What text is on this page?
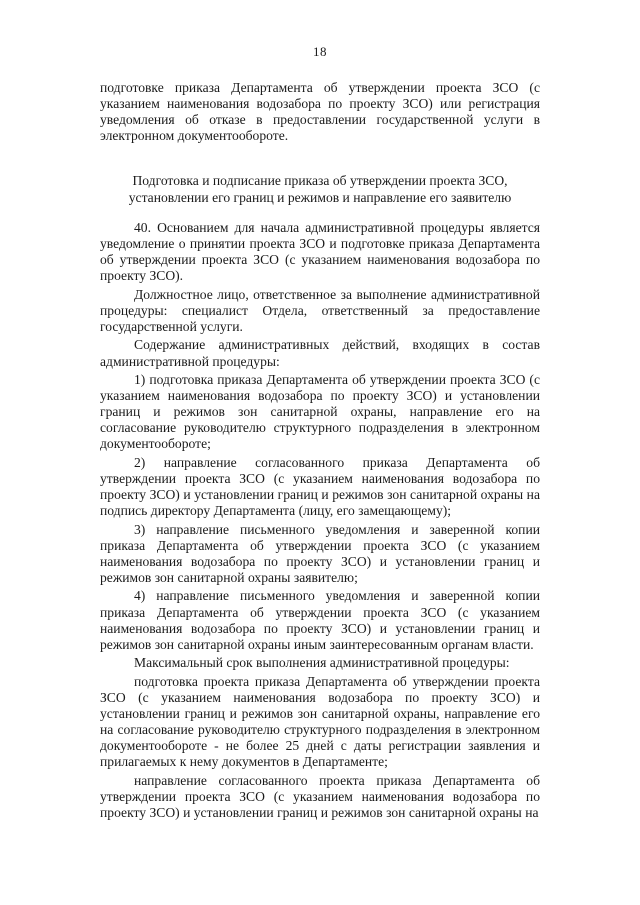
18
подготовке приказа Департамента об утверждении проекта ЗСО (с указанием наименования водозабора по проекту ЗСО) или регистрация уведомления об отказе в предоставлении государственной услуги в электронном документообороте.
Подготовка и подписание приказа об утверждении проекта ЗСО, установлении его границ и режимов и направление его заявителю

40. Основанием для начала административной процедуры является уведомление о принятии проекта ЗСО и подготовке приказа Департамента об утверждении проекта ЗСО (с указанием наименования водозабора по проекту ЗСО).

Должностное лицо, ответственное за выполнение административной процедуры: специалист Отдела, ответственный за предоставление государственной услуги.

Содержание административных действий, входящих в состав административной процедуры:

1) подготовка приказа Департамента об утверждении проекта ЗСО (с указанием наименования водозабора по проекту ЗСО) и установлении границ и режимов зон санитарной охраны, направление его на согласование руководителю структурного подразделения в электронном документообороте;

2) направление согласованного приказа Департамента об утверждении проекта ЗСО (с указанием наименования водозабора по проекту ЗСО) и установлении границ и режимов зон санитарной охраны на подпись директору Департамента (лицу, его замещающему);

3) направление письменного уведомления и заверенной копии приказа Департамента об утверждении проекта ЗСО (с указанием наименования водозабора по проекту ЗСО) и установлении границ и режимов зон санитарной охраны заявителю;

4) направление письменного уведомления и заверенной копии приказа Департамента об утверждении проекта ЗСО (с указанием наименования водозабора по проекту ЗСО) и установлении границ и режимов зон санитарной охраны иным заинтересованным органам власти.

Максимальный срок выполнения административной процедуры:

подготовка проекта приказа Департамента об утверждении проекта ЗСО (с указанием наименования водозабора по проекту ЗСО) и установлении границ и режимов зон санитарной охраны, направление его на согласование руководителю структурного подразделения в электронном документообороте - не более 25 дней с даты регистрации заявления и прилагаемых к нему документов в Департаменте;

направление согласованного проекта приказа Департамента об утверждении проекта ЗСО (с указанием наименования водозабора по проекту ЗСО) и установлении границ и режимов зон санитарной охраны на
